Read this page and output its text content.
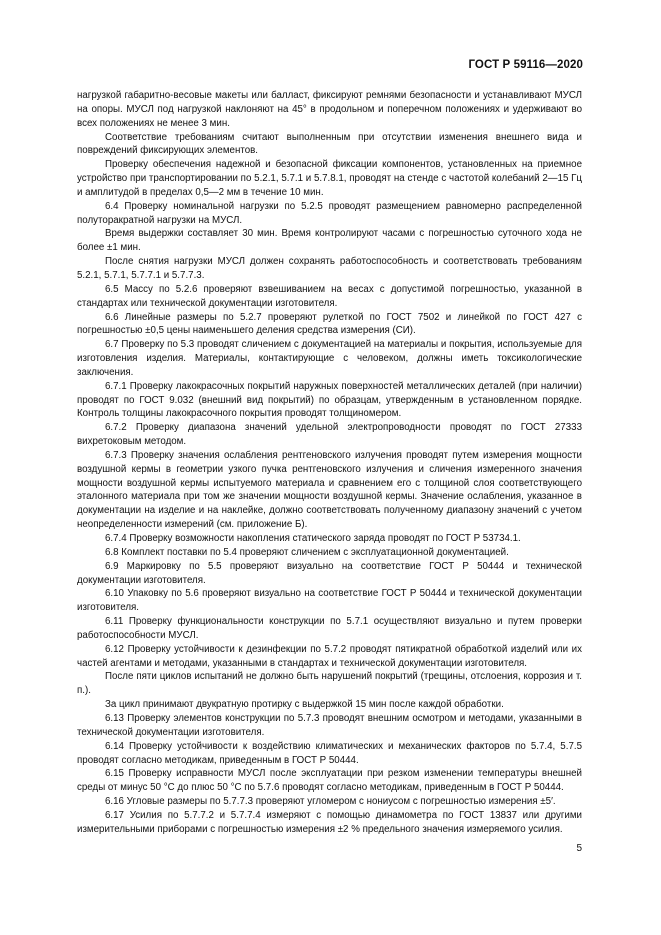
ГОСТ Р 59116—2020

нагрузкой габаритно-весовые макеты или балласт, фиксируют ремнями безопасности и устанавливают МУСЛ на опоры. МУСЛ под нагрузкой наклоняют на 45° в продольном и поперечном положениях и удерживают во всех положениях не менее 3 мин.

Соответствие требованиям считают выполненным при отсутствии изменения внешнего вида и повреждений фиксирующих элементов.

Проверку обеспечения надежной и безопасной фиксации компонентов, установленных на приемное устройство при транспортировании по 5.2.1, 5.7.1 и 5.7.8.1, проводят на стенде с частотой колебаний 2—15 Гц и амплитудой в пределах 0,5—2 мм в течение 10 мин.

6.4 Проверку номинальной нагрузки по 5.2.5 проводят размещением равномерно распределенной полуторакратной нагрузки на МУСЛ.

Время выдержки составляет 30 мин. Время контролируют часами с погрешностью суточного хода не более ±1 мин.

После снятия нагрузки МУСЛ должен сохранять работоспособность и соответствовать требованиям 5.2.1, 5.7.1, 5.7.7.1 и 5.7.7.3.

6.5 Массу по 5.2.6 проверяют взвешиванием на весах с допустимой погрешностью, указанной в стандартах или технической документации изготовителя.

6.6 Линейные размеры по 5.2.7 проверяют рулеткой по ГОСТ 7502 и линейкой по ГОСТ 427 с погрешностью ±0,5 цены наименьшего деления средства измерения (СИ).

6.7 Проверку по 5.3 проводят сличением с документацией на материалы и покрытия, используемые для изготовления изделия. Материалы, контактирующие с человеком, должны иметь токсикологические заключения.

6.7.1 Проверку лакокрасочных покрытий наружных поверхностей металлических деталей (при наличии) проводят по ГОСТ 9.032 (внешний вид покрытий) по образцам, утвержденным в установленном порядке. Контроль толщины лакокрасочного покрытия проводят толщиномером.

6.7.2 Проверку диапазона значений удельной электропроводности проводят по ГОСТ 27333 вихретоковым методом.

6.7.3 Проверку значения ослабления рентгеновского излучения проводят путем измерения мощности воздушной кермы в геометрии узкого пучка рентгеновского излучения и сличения измеренного значения мощности воздушной кермы испытуемого материала и сравнением его с толщиной слоя соответствующего эталонного материала при том же значении мощности воздушной кермы. Значение ослабления, указанное в документации на изделие и на наклейке, должно соответствовать полученному диапазону значений с учетом неопределенности измерений (см. приложение Б).

6.7.4 Проверку возможности накопления статического заряда проводят по ГОСТ Р 53734.1.

6.8 Комплект поставки по 5.4 проверяют сличением с эксплуатационной документацией.

6.9 Маркировку по 5.5 проверяют визуально на соответствие ГОСТ Р 50444 и технической документации изготовителя.

6.10 Упаковку по 5.6 проверяют визуально на соответствие ГОСТ Р 50444 и технической документации изготовителя.

6.11 Проверку функциональности конструкции по 5.7.1 осуществляют визуально и путем проверки работоспособности МУСЛ.

6.12 Проверку устойчивости к дезинфекции по 5.7.2 проводят пятикратной обработкой изделий или их частей агентами и методами, указанными в стандартах и технической документации изготовителя.

После пяти циклов испытаний не должно быть нарушений покрытий (трещины, отслоения, коррозия и т. п.).

За цикл принимают двукратную протирку с выдержкой 15 мин после каждой обработки.

6.13 Проверку элементов конструкции по 5.7.3 проводят внешним осмотром и методами, указанными в технической документации изготовителя.

6.14 Проверку устойчивости к воздействию климатических и механических факторов по 5.7.4, 5.7.5 проводят согласно методикам, приведенным в ГОСТ Р 50444.

6.15 Проверку исправности МУСЛ после эксплуатации при резком изменении температуры внешней среды от минус 50 °С до плюс 50 °С по 5.7.6 проводят согласно методикам, приведенным в ГОСТ Р 50444.

6.16 Угловые размеры по 5.7.7.3 проверяют угломером с нониусом с погрешностью измерения ±5′.

6.17 Усилия по 5.7.7.2 и 5.7.7.4 измеряют с помощью динамометра по ГОСТ 13837 или другими измерительными приборами с погрешностью измерения ±2 % предельного значения измеряемого усилия.

5
